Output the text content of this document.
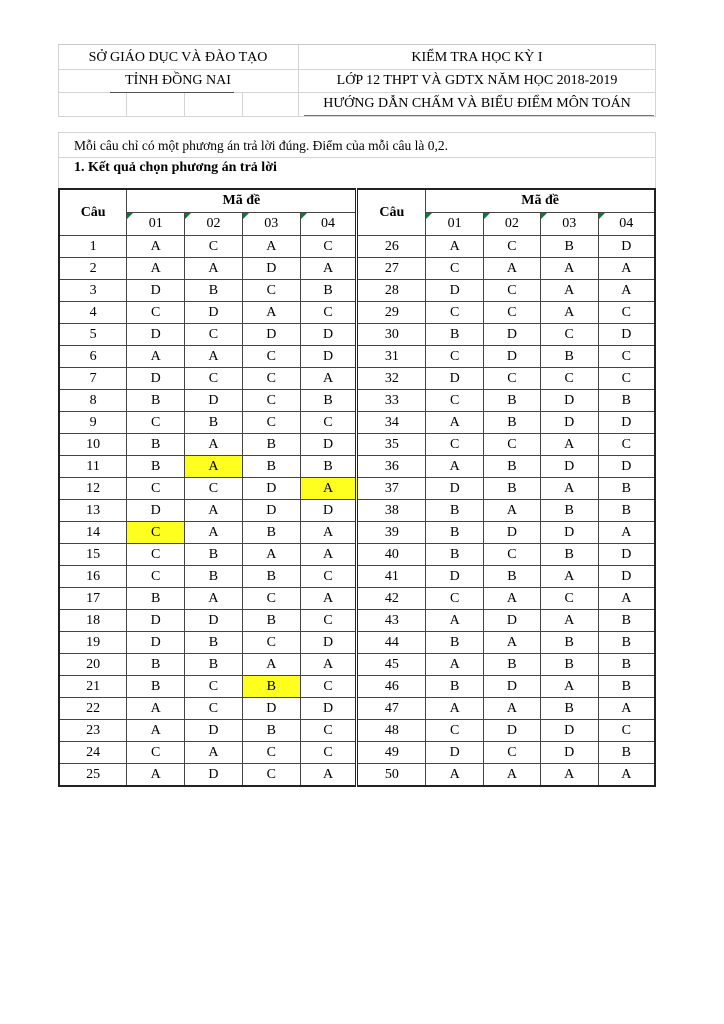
SỞ GIÁO DỤC VÀ ĐÀO TẠO
TỈNH ĐỒNG NAI
KIỂM TRA HỌC KỲ I
LỚP 12 THPT VÀ GDTX NĂM HỌC 2018-2019
HƯỚNG DẪN CHẤM VÀ BIỂU ĐIỂM MÔN TOÁN
Mỗi câu chỉ có một phương án trả lời đúng. Điểm của mỗi câu là 0,2.
1. Kết quả chọn phương án trả lời
Câu	Mã đề				Câu	Mã đề			
	01	02	03	04		01	02	03	04
1	A	C	A	C	26	A	C	B	D
2	A	A	D	A	27	C	A	A	A
3	D	B	C	B	28	D	C	A	A
4	C	D	A	C	29	C	C	A	C
5	D	C	D	D	30	B	D	C	D
6	A	A	C	D	31	C	D	B	C
7	D	C	C	A	32	D	C	C	C
8	B	D	C	B	33	C	B	D	B
9	C	B	C	C	34	A	B	D	D
10	B	A	B	D	35	C	C	A	C
11	B	A	B	B	36	A	B	D	D
12	C	C	D	A	37	D	B	A	B
13	D	A	D	D	38	B	A	B	B
14	C	A	B	A	39	B	D	D	A
15	C	B	A	A	40	B	C	B	D
16	C	B	B	C	41	D	B	A	D
17	B	A	C	A	42	C	A	C	A
18	D	D	B	C	43	A	D	A	B
19	D	B	C	D	44	B	A	B	B
20	B	B	A	A	45	A	B	B	B
21	B	C	B	C	46	B	D	A	B
22	A	C	D	D	47	A	A	B	A
23	A	D	B	C	48	C	D	D	C
24	C	A	C	C	49	D	C	D	B
25	A	D	C	A	50	A	A	A	A
